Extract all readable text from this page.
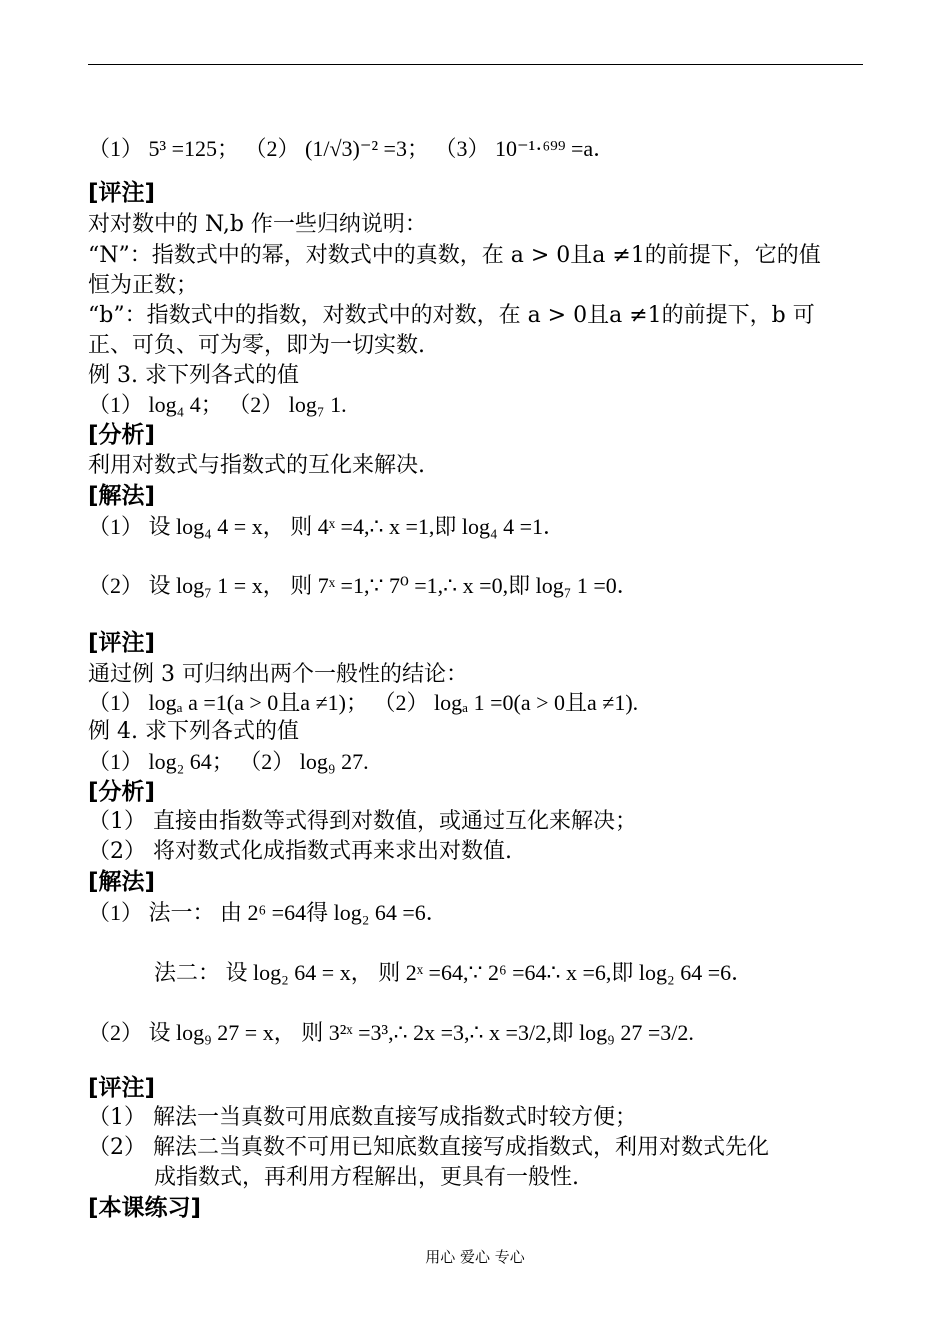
（1） 5³ =125； （2） (1/√3)⁻² =3； （3） 10⁻¹·⁶⁹⁹ =a．
[评注]
对对数中的 N,b 作一些归纳说明：
“N”：指数式中的幂，对数式中的真数，在 a > 0且a ≠1的前提下，它的值
恒为正数；
“b”：指数式中的指数，对数式中的对数，在 a > 0且a ≠1的前提下，b 可
正、可负、可为零，即为一切实数.
例 3. 求下列各式的值
（1） log₄ 4； （2） log₇ 1.
[分析]
利用对数式与指数式的互化来解决.
[解法]
（1） 设 log₄ 4 = x， 则 4ˣ =4,∴ x =1,即 log₄ 4 =1．
（2） 设 log₇ 1 = x， 则 7ˣ =1,∵ 7⁰ =1,∴ x =0,即 log₇ 1 =0．
[评注]
通过例 3 可归纳出两个一般性的结论：
（1） logₐ a =1(a > 0且a ≠1)； （2） logₐ 1 =0(a > 0且a ≠1).
例 4. 求下列各式的值
（1） log₂ 64； （2） log₉ 27.
[分析]
（1） 直接由指数等式得到对数值，或通过互化来解决；
（2） 将对数式化成指数式再来求出对数值.
[解法]
（1） 法一： 由 2⁶ =64得 log₂ 64 =6．
法二： 设 log₂ 64 = x， 则 2ˣ =64,∵ 2⁶ =64∴ x =6,即 log₂ 64 =6．
（2） 设 log₉ 27 = x， 则 3²ˣ =3³,∴ 2x =3,∴ x =3/2,即 log₉ 27 =3/2.
[评注]
（1） 解法一当真数可用底数直接写成指数式时较方便；
（2） 解法二当真数不可用已知底数直接写成指数式，利用对数式先化
成指数式，再利用方程解出，更具有一般性.
[本课练习]
用心 爱心 专心
